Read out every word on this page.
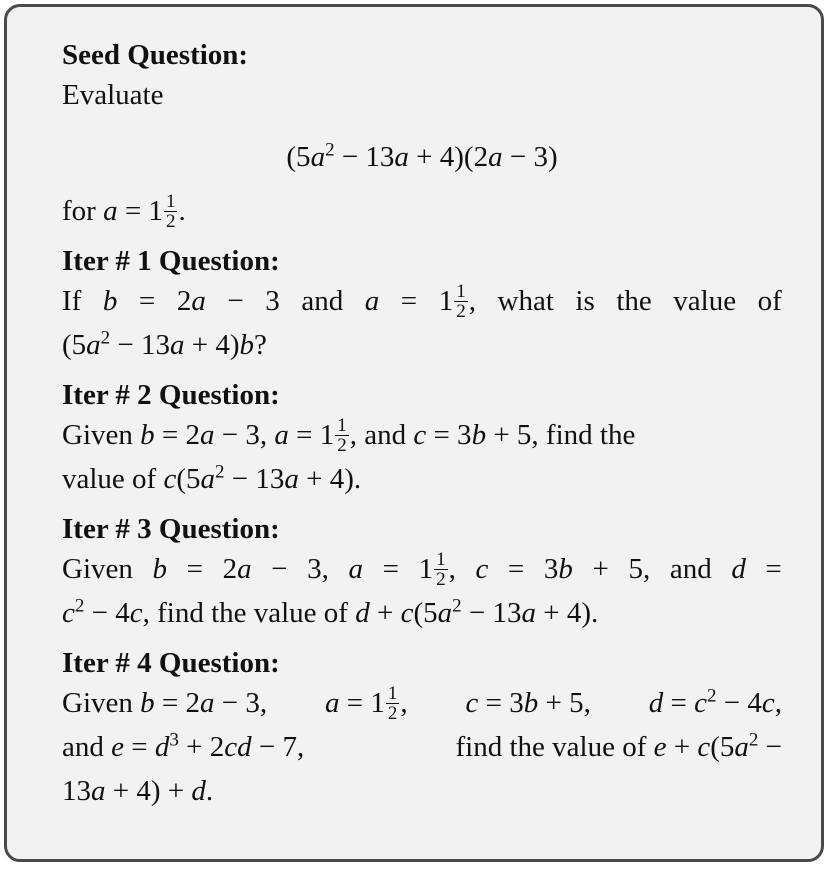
Seed Question:

Evaluate

$(5a^2 - 13a + 4)(2a - 3)$

for $a = 1 \frac{1}{2}$ .

Iter # 1 Question:

If b = 2a − 3 and $a = 1 \frac{1}{2}$ , what is the value of

$(5a^2 - 13a + 4)b$?

Iter # 2 Question:

Given b = 2a − 3, $a = 1 \frac{1}{2}$ , and c = 3b + 5, find the

value of $c(5a^2 - 13a + 4)$.

Iter # 3 Question:

Given b = 2a − 3, $a = 1 \frac{1}{2}$ , c = 3b + 5, and d =

$c^2 - 4c$, find the value of $d + c(5a^2 - 13a + 4)$.

Iter # 4 Question:

Given b = 2a − 3, $a = 1 \frac{1}{2}$ , c = 3b + 5, $d = c^2 - 4c$,

and $e = d^3 + 2cd - 7$,	find the value of $e + c(5a^2$ −

13a + 4) + d.
